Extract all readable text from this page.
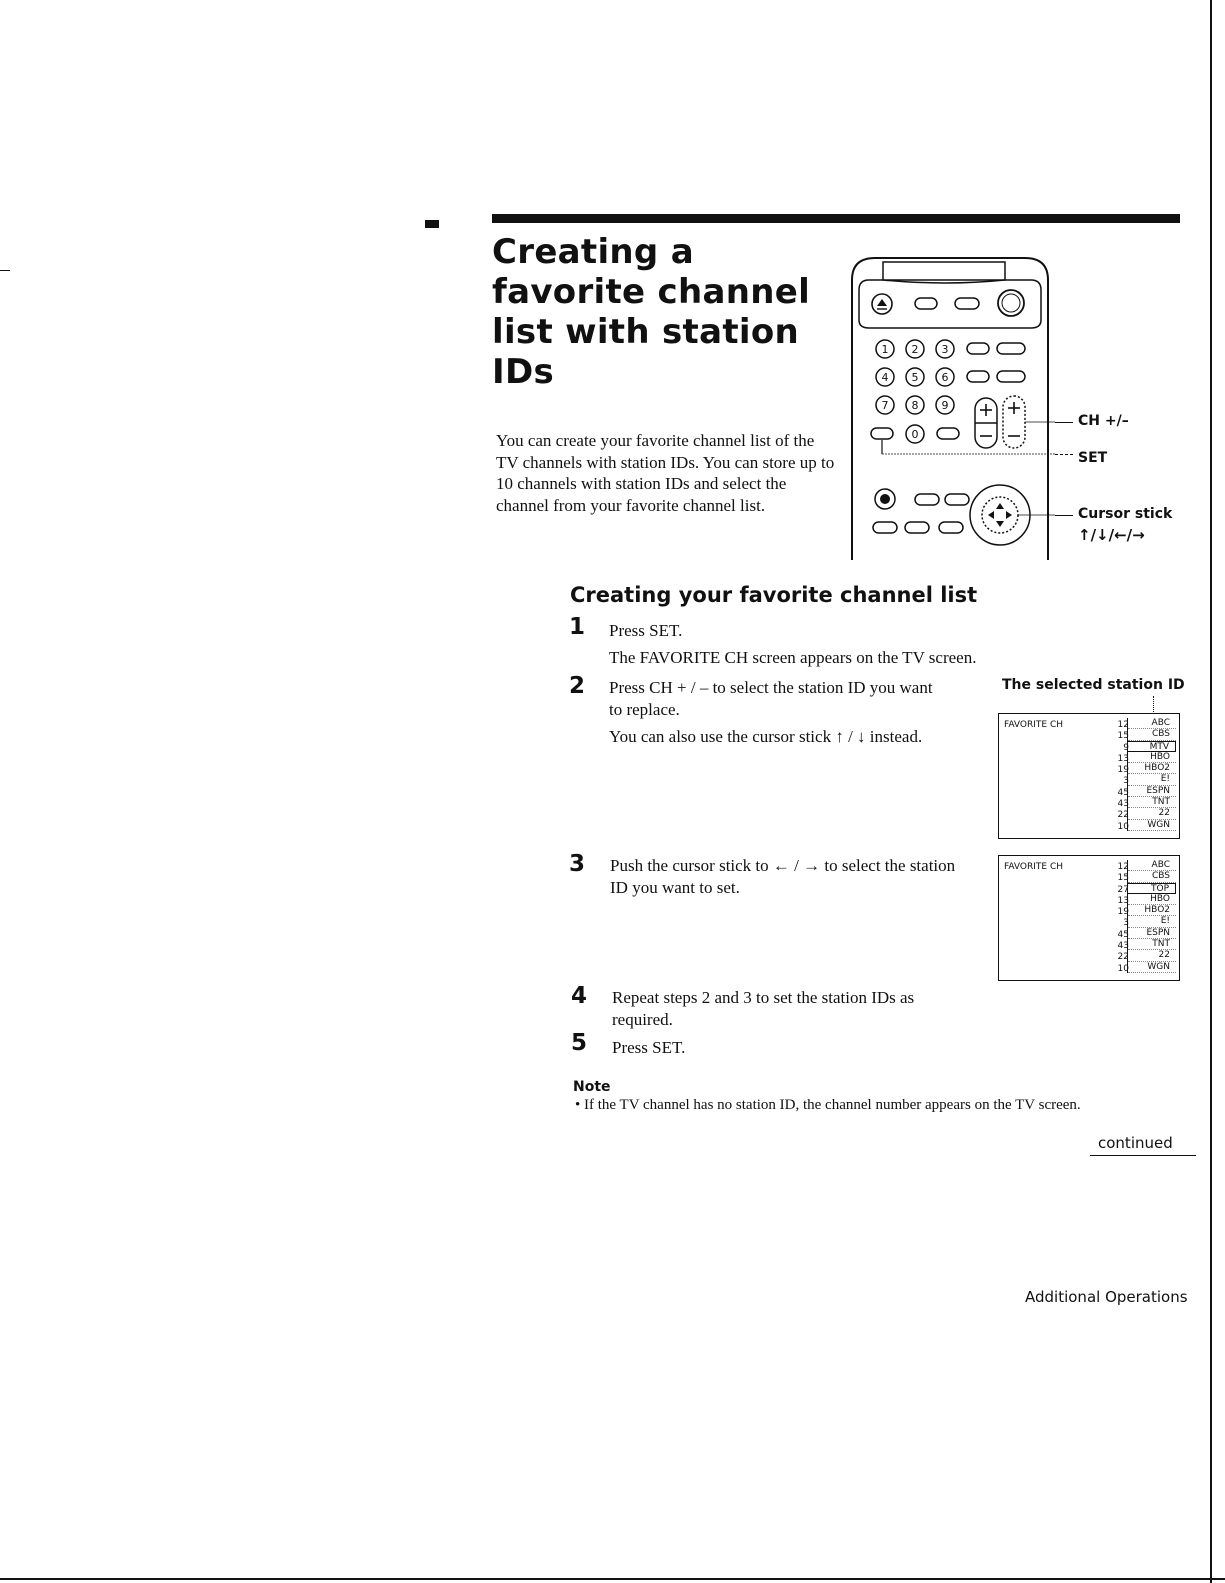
Creating a
favorite channel
list with station
IDs

You can create your favorite channel list of the TV channels with station IDs. You can store up to 10 channels with station IDs and select the channel from your favorite channel list.

1 2 3
4 5 6
7 8 9
0
CH +/–
SET
Cursor stick
↑/↓/←/→
Creating your favorite channel list
1 Press SET.
The FAVORITE CH screen appears on the TV screen.
2 Press CH + / – to select the station ID you want to replace.
You can also use the cursor stick ↑ / ↓ instead.
3 Push the cursor stick to ← / → to select the station ID you want to set.
4 Repeat steps 2 and 3 to set the station IDs as required.
5 Press SET.
The selected station ID
FAVORITE CH	12
15
9
13
19
3
45
43
22
10
ABC
CBS
MTV
HBO
HBO2
E!
ESPN
TNT
22
WGN
FAVORITE CH	12
15
27
13
19
3
45
43
22
10
ABC
CBS
TOP
HBO
HBO2
E!
ESPN
TNT
22
WGN
Note
• If the TV channel has no station ID, the channel number appears on the TV screen.
continued
Additional Operations
